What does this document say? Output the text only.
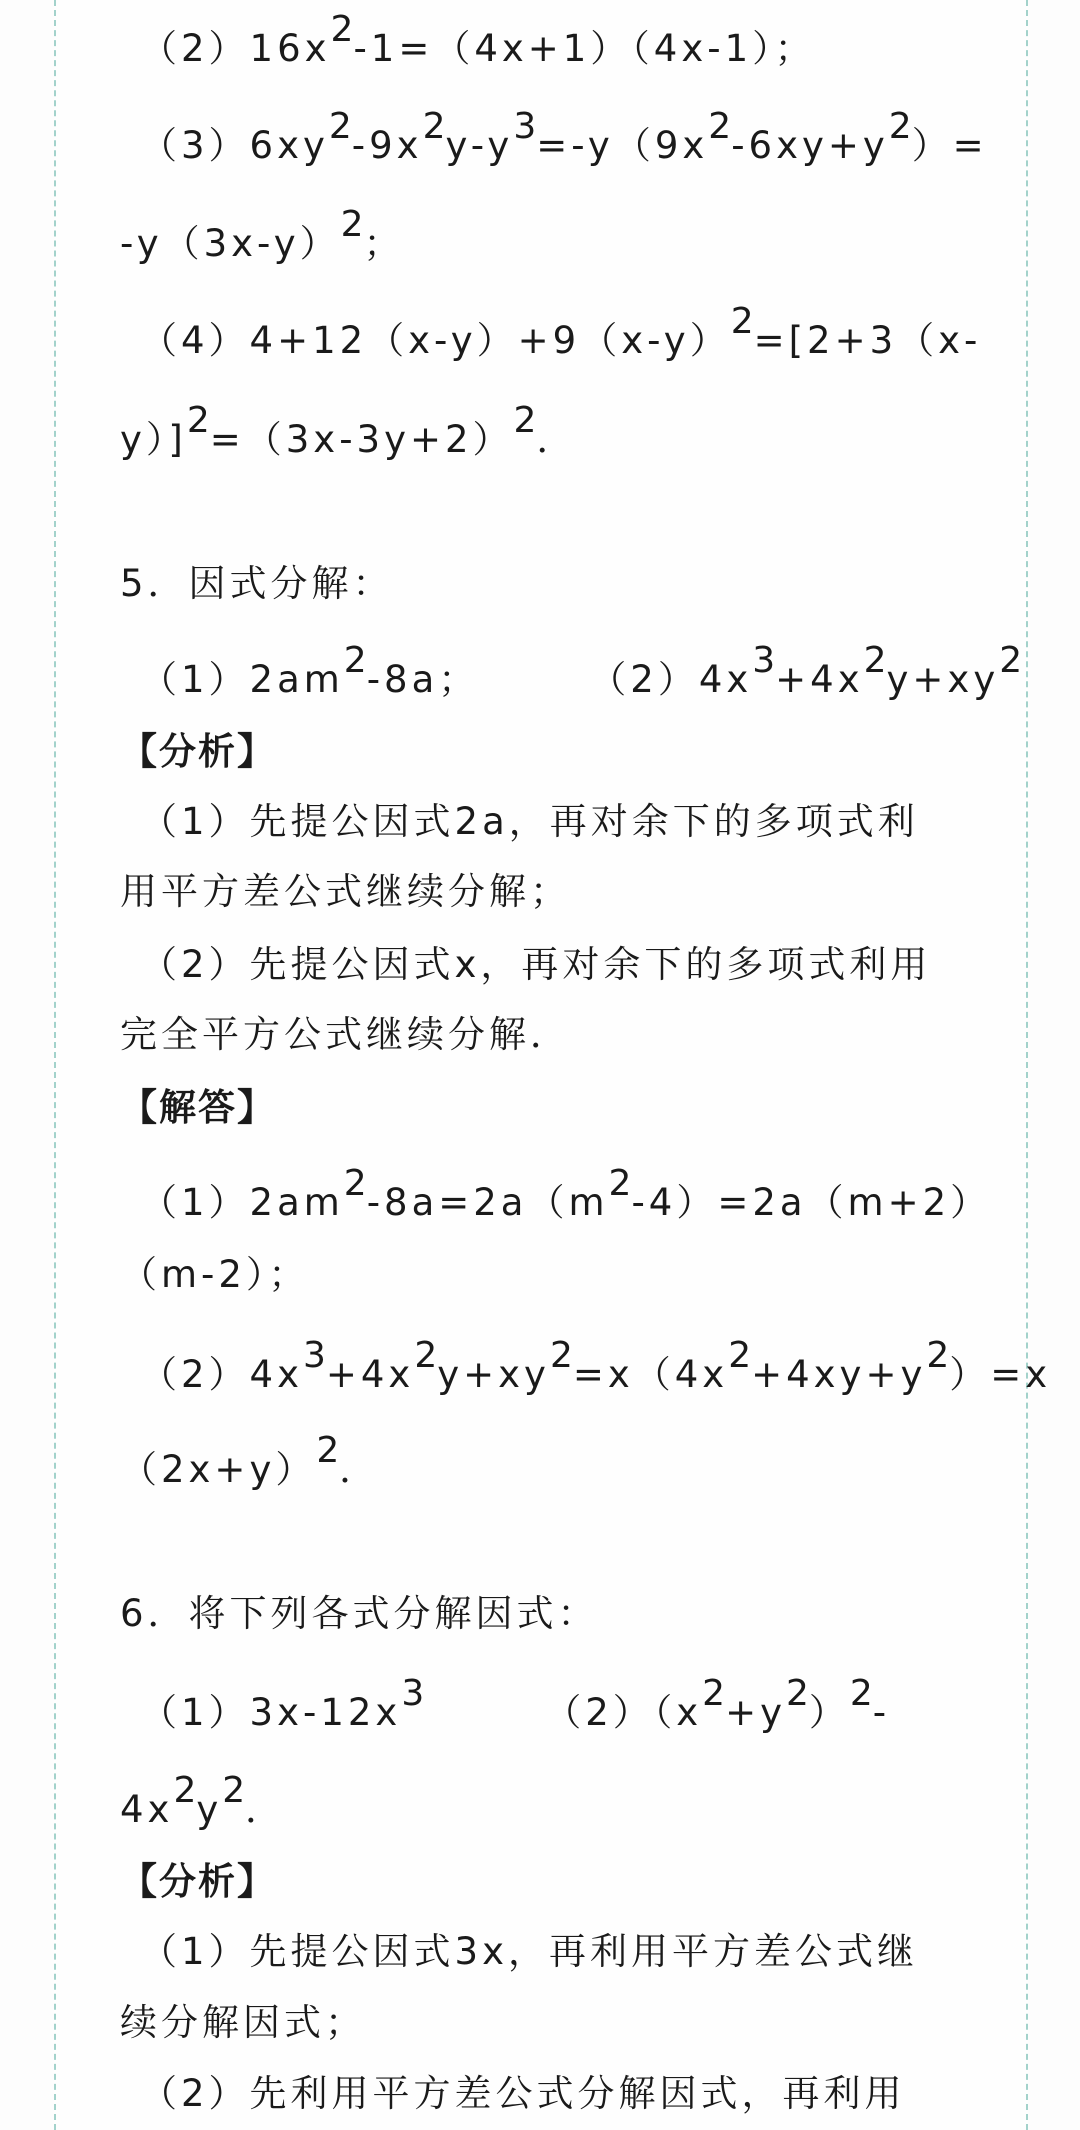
$(2)16x^2-1=(4x+1)(4x-1)$；
$(3)6xy^2-9x^2y-y^3=-y(9x^2-6xy+y^2)=$
$-y(3x-y)^2$；
$(4)4+12(x-y)+9(x-y)^2=[2+3(x-$
$y)]^2=(3x-3y+2)^2$．
5．因式分解：
$(1)2am^2-8a$；	$(2)4x^3+4x^2y+xy^2$
【分析】
（1）先提公因式2a，再对余下的多项式利
用平方差公式继续分解；
（2）先提公因式x，再对余下的多项式利用
完全平方公式继续分解．
【解答】
$(1)2am^2-8a=2a(m^2-4)=2a(m+2)$
（m-2）；
$(2)4x^3+4x^2y+xy^2=x(4x^2+4xy+y^2)=x$
$(2x+y)^2$．
6．将下列各式分解因式：
$(1)3x-12x^3$	$(2)(x^2+y^2)^2-$
$4x^2y^2$．
【分析】
（1）先提公因式3x，再利用平方差公式继
续分解因式；
（2）先利用平方差公式分解因式，再利用
